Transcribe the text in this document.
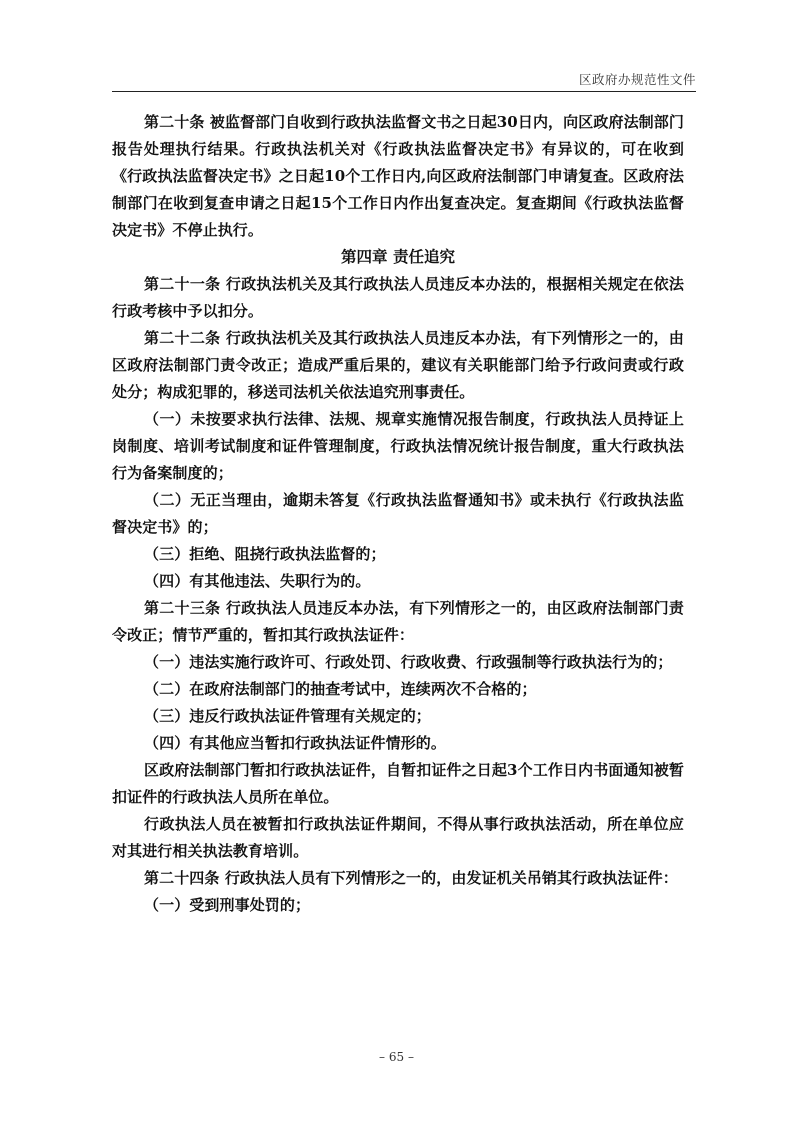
区政府办规范性文件

第二十条 被监督部门自收到行政执法监督文书之日起30日内，向区政府法制部门报告处理执行结果。行政执法机关对《行政执法监督决定书》有异议的，可在收到《行政执法监督决定书》之日起10个工作日内,向区政府法制部门申请复查。区政府法制部门在收到复查申请之日起15个工作日内作出复查决定。复查期间《行政执法监督决定书》不停止执行。

第四章 责任追究

第二十一条 行政执法机关及其行政执法人员违反本办法的，根据相关规定在依法行政考核中予以扣分。

第二十二条 行政执法机关及其行政执法人员违反本办法，有下列情形之一的，由区政府法制部门责令改正；造成严重后果的，建议有关职能部门给予行政问责或行政处分；构成犯罪的，移送司法机关依法追究刑事责任。

（一）未按要求执行法律、法规、规章实施情况报告制度，行政执法人员持证上岗制度、培训考试制度和证件管理制度，行政执法情况统计报告制度，重大行政执法行为备案制度的；

（二）无正当理由，逾期未答复《行政执法监督通知书》或未执行《行政执法监督决定书》的；

（三）拒绝、阻挠行政执法监督的；

（四）有其他违法、失职行为的。

第二十三条 行政执法人员违反本办法，有下列情形之一的，由区政府法制部门责令改正；情节严重的，暂扣其行政执法证件：

（一）违法实施行政许可、行政处罚、行政收费、行政强制等行政执法行为的；

（二）在政府法制部门的抽查考试中，连续两次不合格的；

（三）违反行政执法证件管理有关规定的；

（四）有其他应当暂扣行政执法证件情形的。

区政府法制部门暂扣行政执法证件，自暂扣证件之日起3个工作日内书面通知被暂扣证件的行政执法人员所在单位。

行政执法人员在被暂扣行政执法证件期间，不得从事行政执法活动，所在单位应对其进行相关执法教育培训。

第二十四条 行政执法人员有下列情形之一的，由发证机关吊销其行政执法证件：

（一）受到刑事处罚的；

– 65 –
